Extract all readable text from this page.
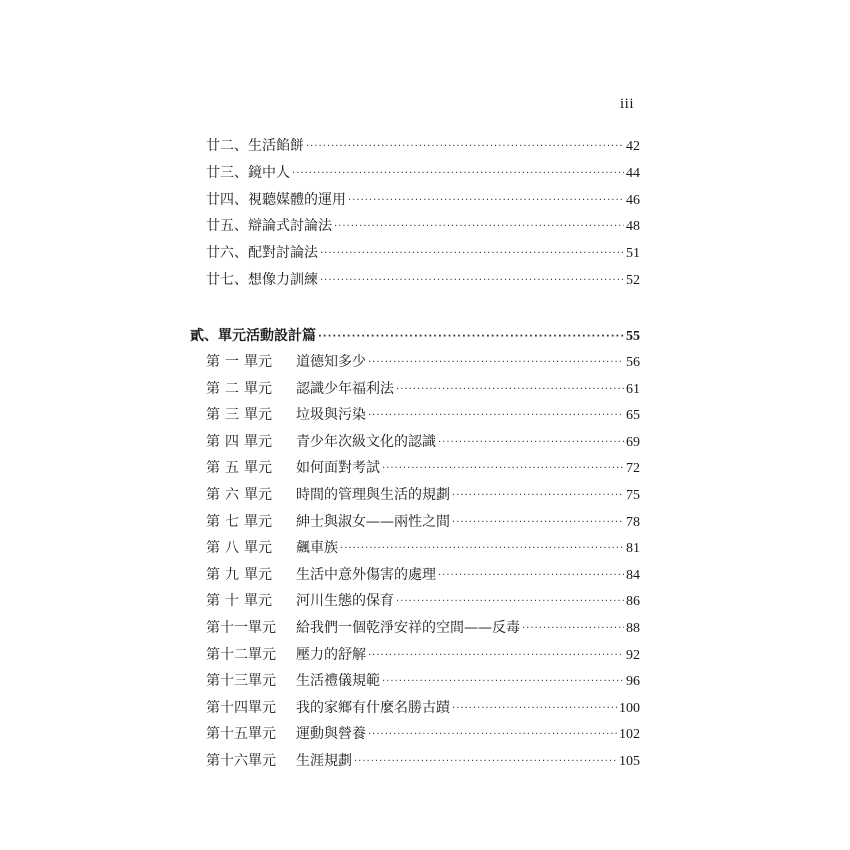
iii
廿二、生活餡餅 ·····	42
廿三、鏡中人 ·····	44
廿四、視聽媒體的運用 ·····	46
廿五、辯論式討論法 ·····	48
廿六、配對討論法 ·····	51
廿七、想像力訓練 ·····	52
貳、單元活動設計篇 ·····	55
第 一 單元 道德知多少 ·····	56
第 二 單元 認識少年福利法 ·····	61
第 三 單元 垃圾與污染 ·····	65
第 四 單元 青少年次級文化的認識 ·····	69
第 五 單元 如何面對考試 ·····	72
第 六 單元 時間的管理與生活的規劃 ·····	75
第 七 單元 紳士與淑女——兩性之間 ·····	78
第 八 單元 飆車族 ·····	81
第 九 單元 生活中意外傷害的處理 ·····	84
第 十 單元 河川生態的保育 ·····	86
第十一單元 給我們一個乾淨安祥的空間——反毒 ·····	88
第十二單元 壓力的舒解 ·····	92
第十三單元 生活禮儀規範 ·····	96
第十四單元 我的家鄉有什麼名勝古蹟 ·····	100
第十五單元 運動與營養 ·····	102
第十六單元 生涯規劃 ·····	105
